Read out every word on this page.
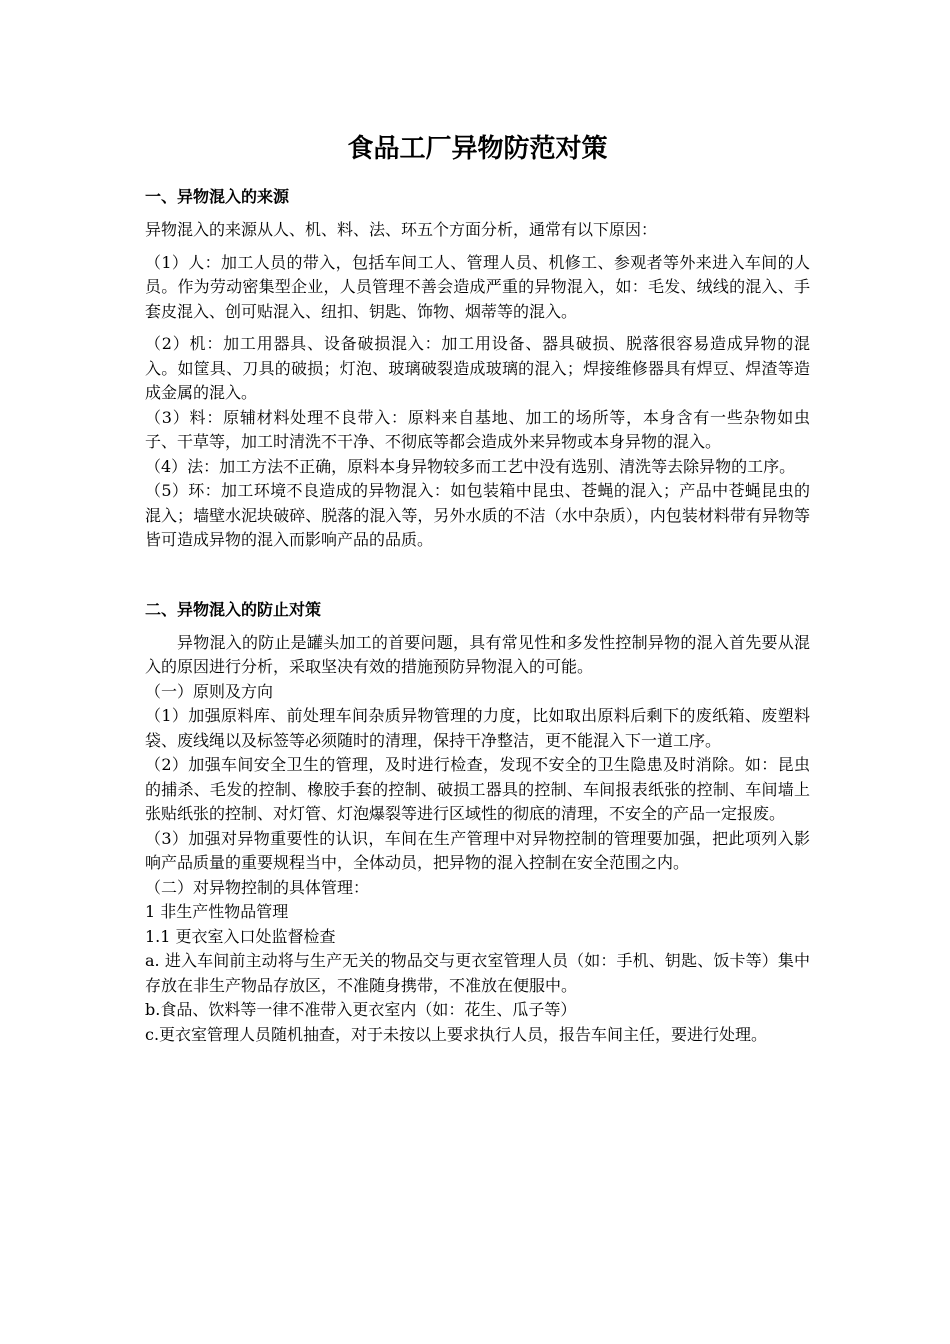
食品工厂异物防范对策
一、异物混入的来源

异物混入的来源从人、机、料、法、环五个方面分析，通常有以下原因：

（1）人：加工人员的带入，包括车间工人、管理人员、机修工、参观者等外来进入车间的人员。作为劳动密集型企业，人员管理不善会造成严重的异物混入，如：毛发、绒线的混入、手套皮混入、创可贴混入、纽扣、钥匙、饰物、烟蒂等的混入。

（2）机：加工用器具、设备破损混入：加工用设备、器具破损、脱落很容易造成异物的混入。如筐具、刀具的破损；灯泡、玻璃破裂造成玻璃的混入；焊接维修器具有焊豆、焊渣等造成金属的混入。

（3）料：原辅材料处理不良带入：原料来自基地、加工的场所等，本身含有一些杂物如虫子、干草等，加工时清洗不干净、不彻底等都会造成外来异物或本身异物的混入。

（4）法：加工方法不正确，原料本身异物较多而工艺中没有选别、清洗等去除异物的工序。

（5）环：加工环境不良造成的异物混入：如包装箱中昆虫、苍蝇的混入；产品中苍蝇昆虫的混入；墙壁水泥块破碎、脱落的混入等，另外水质的不洁（水中杂质），内包装材料带有异物等皆可造成异物的混入而影响产品的品质。

二、异物混入的防止对策

异物混入的防止是罐头加工的首要问题，具有常见性和多发性控制异物的混入首先要从混入的原因进行分析，采取坚决有效的措施预防异物混入的可能。

（一）原则及方向

（1）加强原料库、前处理车间杂质异物管理的力度，比如取出原料后剩下的废纸箱、废塑料袋、废线绳以及标签等必须随时的清理，保持干净整洁，更不能混入下一道工序。

（2）加强车间安全卫生的管理，及时进行检查，发现不安全的卫生隐患及时消除。如：昆虫的捕杀、毛发的控制、橡胶手套的控制、破损工器具的控制、车间报表纸张的控制、车间墙上张贴纸张的控制、对灯管、灯泡爆裂等进行区域性的彻底的清理，不安全的产品一定报废。

（3）加强对异物重要性的认识，车间在生产管理中对异物控制的管理要加强，把此项列入影响产品质量的重要规程当中，全体动员，把异物的混入控制在安全范围之内。

（二）对异物控制的具体管理：

1 非生产性物品管理

1.1 更衣室入口处监督检查

a. 进入车间前主动将与生产无关的物品交与更衣室管理人员（如：手机、钥匙、饭卡等）集中存放在非生产物品存放区，不准随身携带，不准放在便服中。

b.食品、饮料等一律不准带入更衣室内（如：花生、瓜子等）

c.更衣室管理人员随机抽查，对于未按以上要求执行人员，报告车间主任，要进行处理。
